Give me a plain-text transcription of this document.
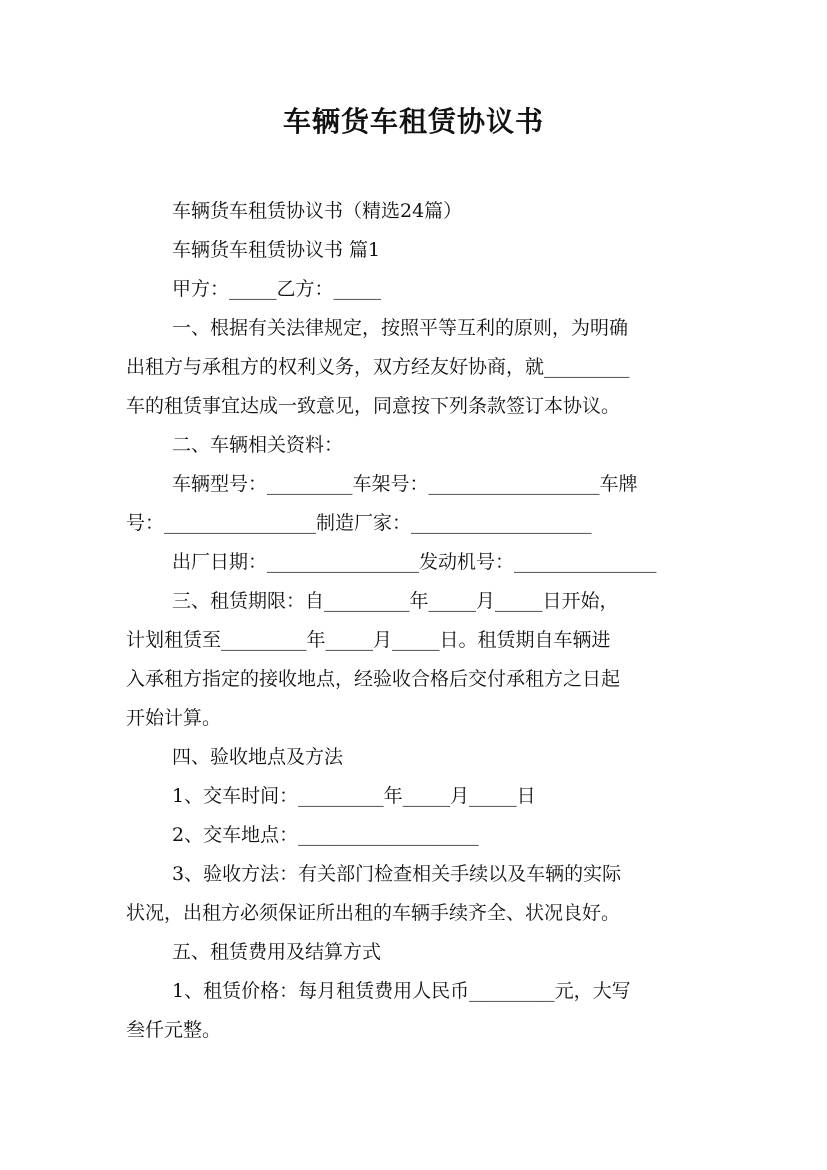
车辆货车租赁协议书
车辆货车租赁协议书（精选24篇）
车辆货车租赁协议书 篇1
甲方：_____乙方：_____
一、根据有关法律规定，按照平等互利的原则，为明确
出租方与承租方的权利义务，双方经友好协商，就_________
车的租赁事宜达成一致意见，同意按下列条款签订本协议。
二、车辆相关资料：
车辆型号：_________车架号：__________________车牌
号：________________制造厂家：___________________
出厂日期：________________发动机号：_______________
三、租赁期限：自_________年_____月_____日开始，
计划租赁至_________年_____月_____日。租赁期自车辆进
入承租方指定的接收地点，经验收合格后交付承租方之日起
开始计算。
四、验收地点及方法
1、交车时间：_________年_____月_____日
2、交车地点：___________________
3、验收方法：有关部门检查相关手续以及车辆的实际
状况，出租方必须保证所出租的车辆手续齐全、状况良好。
五、租赁费用及结算方式
1、租赁价格：每月租赁费用人民币_________元，大写
叁仟元整。
